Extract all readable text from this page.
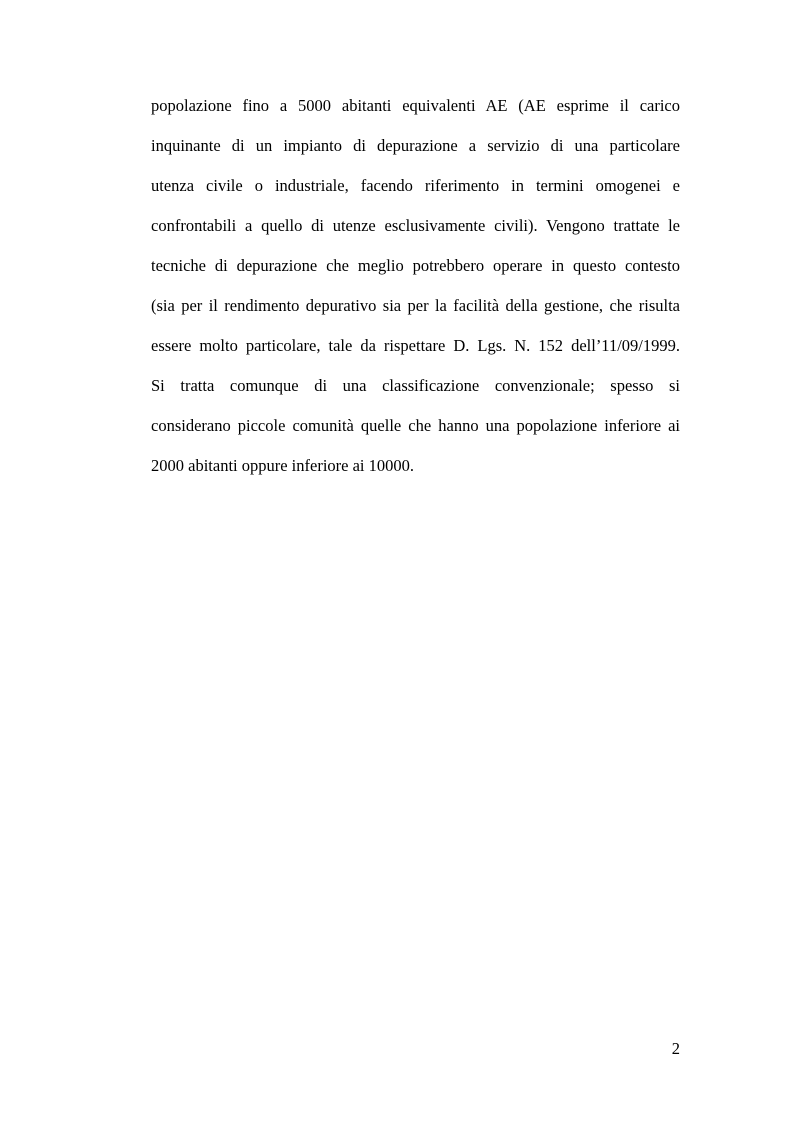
popolazione fino a 5000 abitanti equivalenti AE (AE esprime il carico
inquinante di un impianto di depurazione a servizio di una particolare
utenza civile o industriale, facendo riferimento in termini omogenei e
confrontabili a quello di utenze esclusivamente civili). Vengono trattate le
tecniche di depurazione che meglio potrebbero operare in questo contesto
(sia per il rendimento depurativo sia per la facilità della gestione, che risulta
essere molto particolare, tale da rispettare D. Lgs. N. 152 dell’11/09/1999.
Si tratta comunque di una classificazione convenzionale; spesso si
considerano piccole comunità quelle che hanno una popolazione inferiore ai
2000 abitanti oppure inferiore ai 10000.
2
